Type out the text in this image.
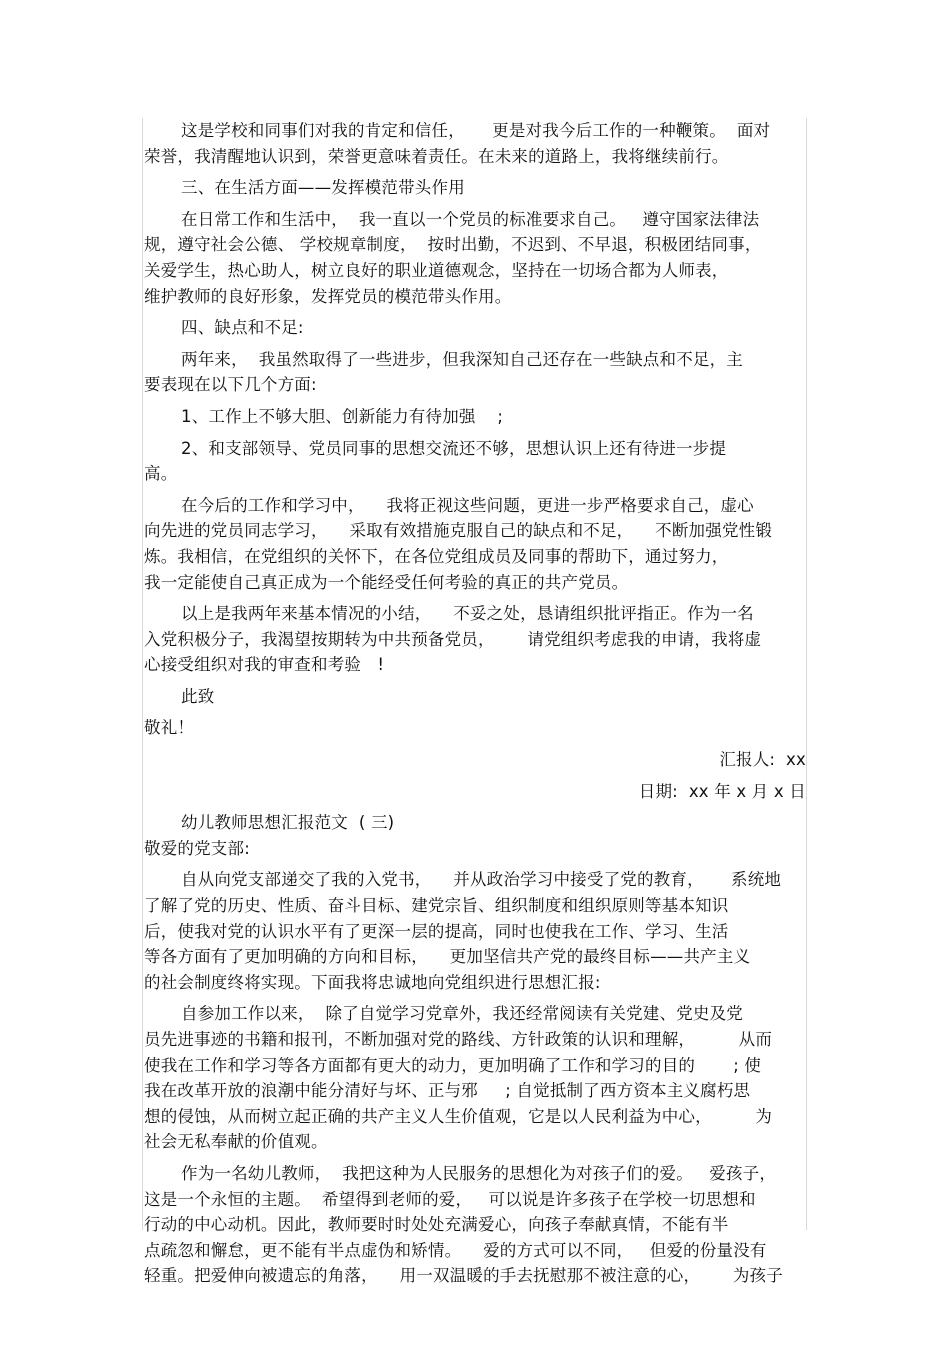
这是学校和同事们对我的肯定和信任，     更是对我今后工作的一种鞭策。  面对
荣誉，我清醒地认识到，荣誉更意味着责任。在未来的道路上，我将继续前行。
三、在生活方面——发挥模范带头作用
在日常工作和生活中，  我一直以一个党员的标准要求自己。   遵守国家法律法
规，遵守社会公德、 学校规章制度，  按时出勤，不迟到、不早退，积极团结同事，
关爱学生，热心助人，树立良好的职业道德观念，坚持在一切场合都为人师表，
维护教师的良好形象，发挥党员的模范带头作用。
四、缺点和不足:
两年来，  我虽然取得了一些进步，但我深知自己还存在一些缺点和不足，主
要表现在以下几个方面:
1、工作上不够大胆、创新能力有待加强    ;
2、和支部领导、党员同事的思想交流还不够，思想认识上还有待进一步提
高。
在今后的工作和学习中，    我将正视这些问题，更进一步严格要求自己，虚心
向先进的党员同志学习，    采取有效措施克服自己的缺点和不足，    不断加强党性锻
炼。我相信，在党组织的关怀下，在各位党组成员及同事的帮助下，通过努力，
我一定能使自己真正成为一个能经受任何考验的真正的共产党员。
以上是我两年来基本情况的小结，    不妥之处，恳请组织批评指正。作为一名
入党积极分子，我渴望按期转为中共预备党员，      请党组织考虑我的申请，我将虚
心接受组织对我的审查和考验   !
此致
敬礼！
汇报人:  xx
日期:  xx 年 x 月 x 日
幼儿教师思想汇报范文  ( 三)
敬爱的党支部:
自从向党支部递交了我的入党书，    并从政治学习中接受了党的教育，     系统地
了解了党的历史、性质、奋斗目标、建党宗旨、组织制度和组织原则等基本知识
后，使我对党的认识水平有了更深一层的提高，同时也使我在工作、学习、生活
等各方面有了更加明确的方向和目标，    更加坚信共产党的最终目标——共产主义
的社会制度终将实现。下面我将忠诚地向党组织进行思想汇报:
自参加工作以来，  除了自觉学习党章外，我还经常阅读有关党建、党史及党
员先进事迹的书籍和报刊，不断加强对党的路线、方针政策的认识和理解，        从而
使我在工作和学习等各方面都有更大的动力，更加明确了工作和学习的目的       ; 使
我在改革开放的浪潮中能分清好与坏、正与邪     ; 自觉抵制了西方资本主义腐朽思
想的侵蚀，从而树立起正确的共产主义人生价值观，它是以人民利益为中心，        为
社会无私奉献的价值观。
作为一名幼儿教师，  我把这种为人民服务的思想化为对孩子们的爱。   爱孩子，
这是一个永恒的主题。  希望得到老师的爱，   可以说是许多孩子在学校一切思想和
行动的中心动机。因此，教师要时时处处充满爱心，向孩子奉献真情，不能有半
点疏忽和懈怠，更不能有半点虚伪和矫情。    爱的方式可以不同，   但爱的份量没有
轻重。把爱伸向被遗忘的角落，    用一双温暖的手去抚慰那不被注意的心，      为孩子
